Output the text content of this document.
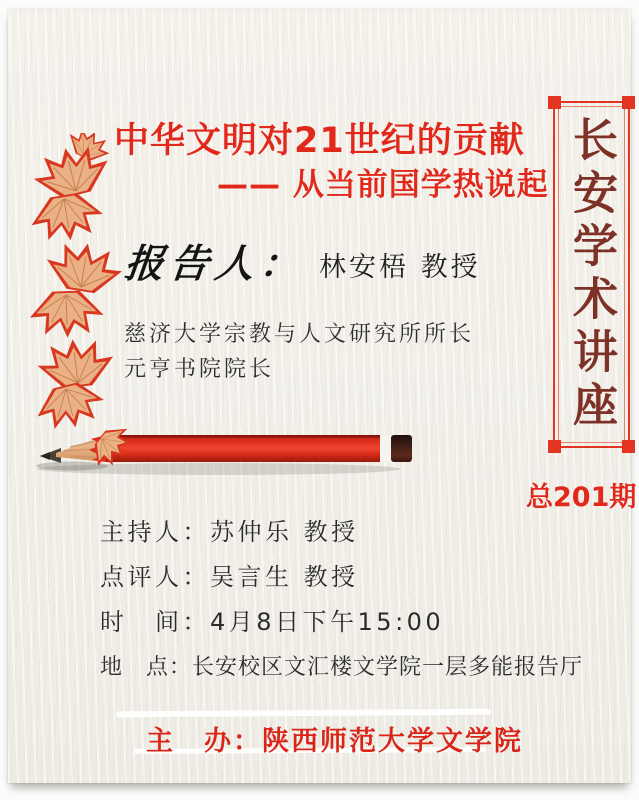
中华文明对21世纪的贡献
—— 从当前国学热说起
报告人： 林安梧 教授
慈济大学宗教与人文研究所所长
元亨书院院长	长安学术讲座
总201期
主持人：苏仲乐 教授
点评人：吴言生 教授
时　间：4月8日下午15:00
地　点：长安校区文汇楼文学院一层多能报告厅
主　办：陕西师范大学文学院
